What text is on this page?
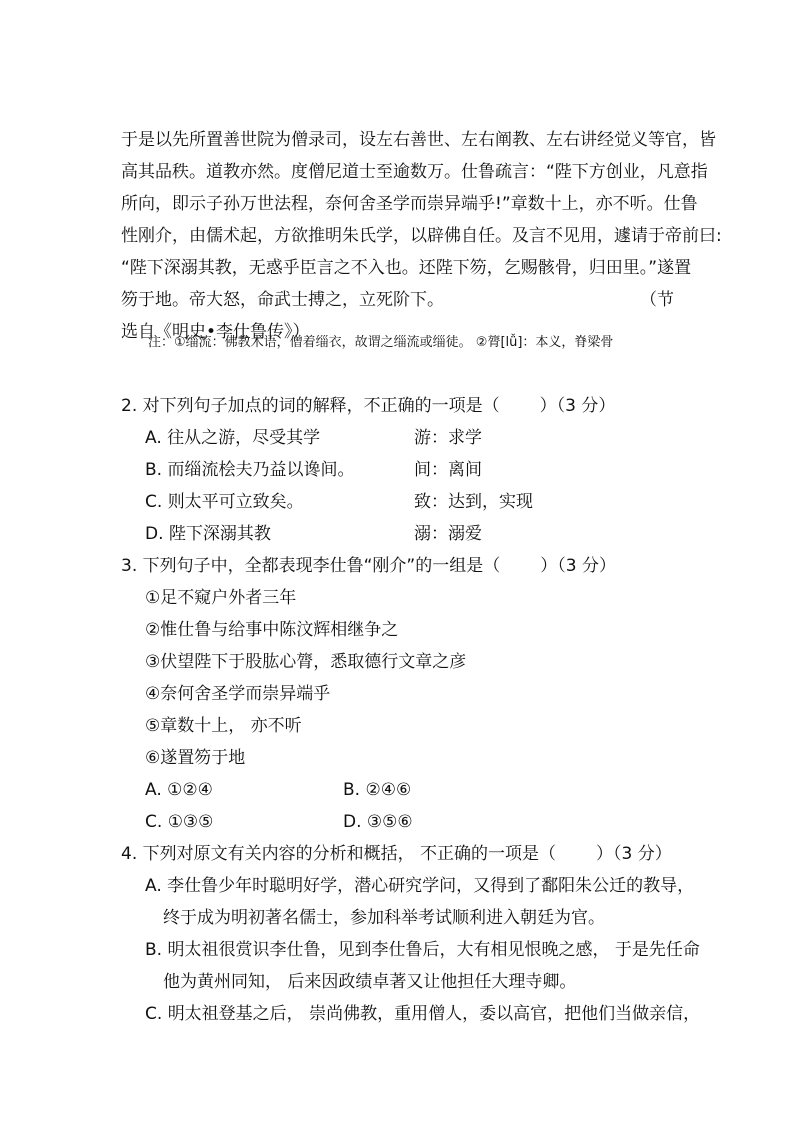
于是以先所置善世院为僧录司，设左右善世、左右阐教、左右讲经觉义等官，皆
高其品秩。道教亦然。度僧尼道士至逾数万。仕鲁疏言：“陛下方创业，凡意指
所向，即示子孙万世法程，奈何舍圣学而崇异端乎!”章数十上，亦不听。仕鲁
性刚介，由儒术起，方欲推明朱氏学，以辟佛自任。及言不见用，遽请于帝前曰:
“陛下深溺其教，无惑乎臣言之不入也。还陛下笏，乞赐骸骨，归田里。”遂置
笏于地。帝大怒，命武士搏之，立死阶下。	（节
选自《明史•李仕鲁传》）
注：①缁流：佛教术语，僧着缁衣，故谓之缁流或缁徒。 ②膂[lǚ]：本义，脊梁骨
2. 对下列句子加点的词的解释，不正确的一项是（ ）（3 分）
A. 往从之游，尽受其学	游：求学
B. 而缁流桧夫乃益以谗间。	间：离间
C. 则太平可立致矣。	致：达到，实现
D. 陛下深溺其教	溺：溺爱
3. 下列句子中，全都表现李仕鲁“刚介”的一组是（ ）（3 分）
①足不窥户外者三年
②惟仕鲁与给事中陈汶辉相继争之
③伏望陛下于股肱心膂，悉取德行文章之彦
④奈何舍圣学而崇异端乎
⑤章数十上， 亦不听
⑥遂置笏于地
A. ①②④	B. ②④⑥
C. ①③⑤	D. ③⑤⑥
4. 下列对原文有关内容的分析和概括， 不正确的一项是（ ）（3 分）
A. 李仕鲁少年时聪明好学，潜心研究学问，又得到了鄱阳朱公迁的教导，
终于成为明初著名儒士，参加科举考试顺利进入朝廷为官。
B. 明太祖很赏识李仕鲁，见到李仕鲁后，大有相见恨晚之感， 于是先任命
他为黄州同知， 后来因政绩卓著又让他担任大理寺卿。
C. 明太祖登基之后， 崇尚佛教，重用僧人，委以高官，把他们当做亲信，
